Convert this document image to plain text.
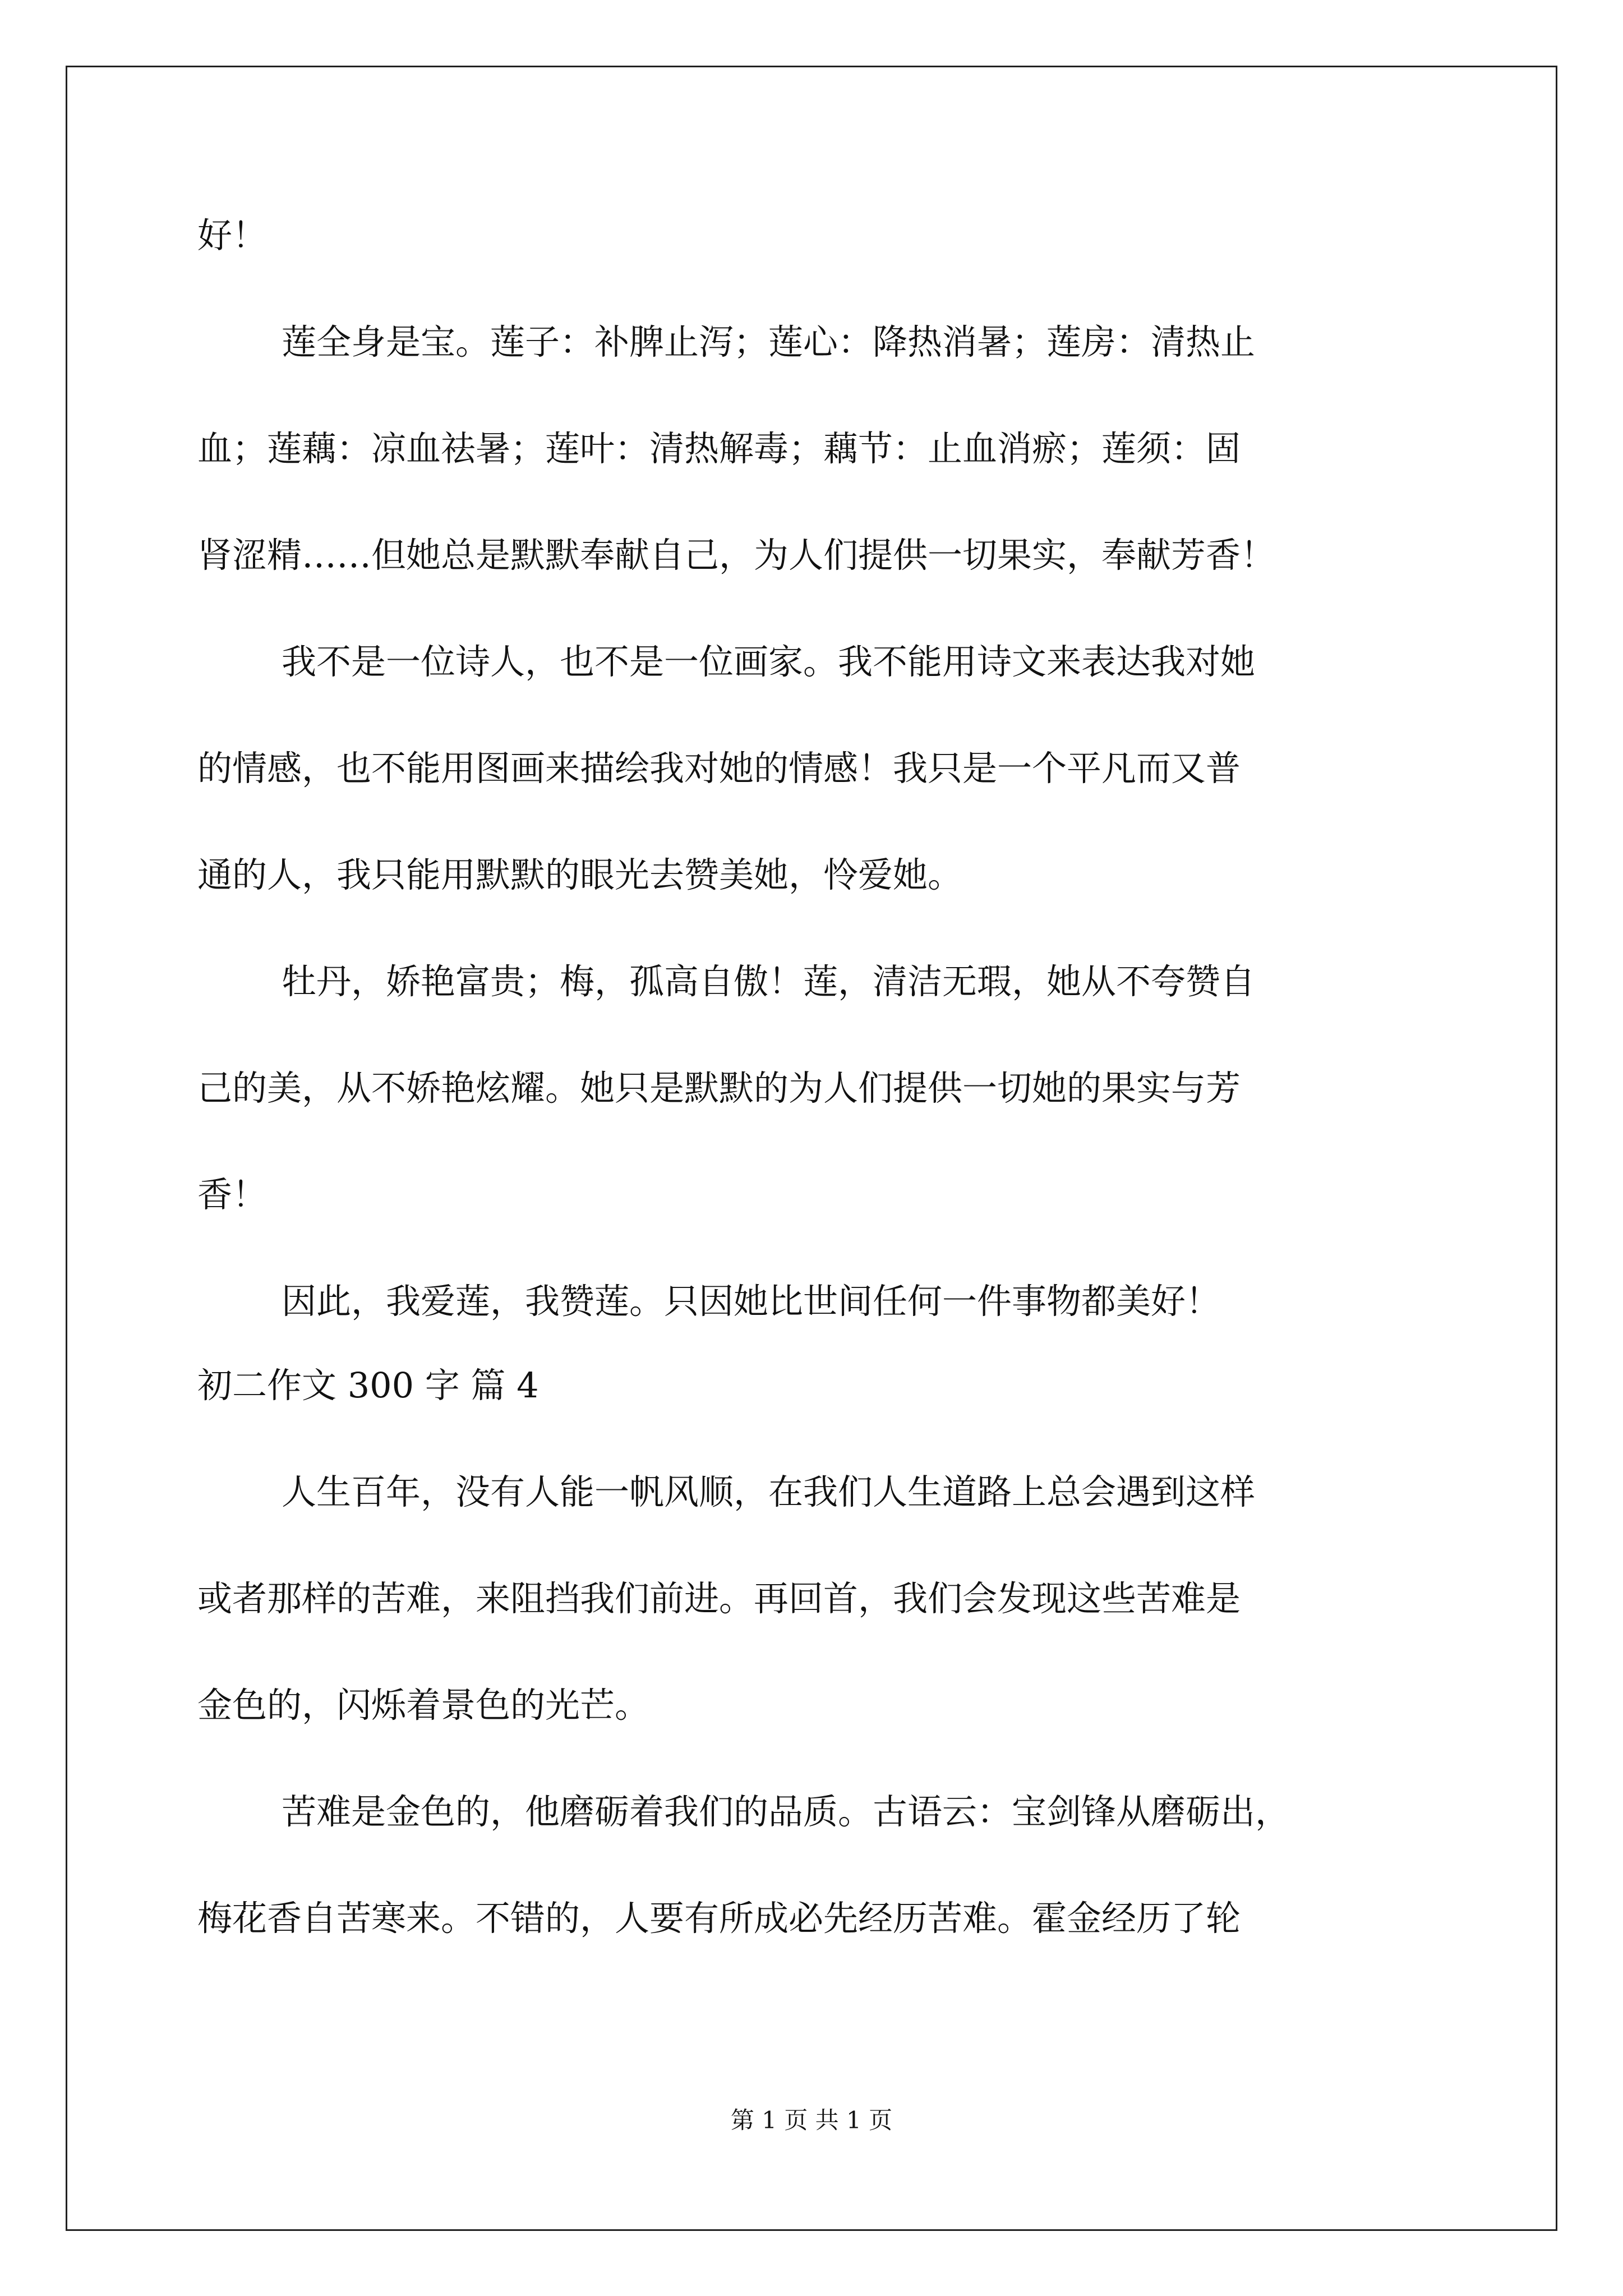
好！
莲全身是宝。莲子：补脾止泻；莲心：降热消暑；莲房：清热止
血；莲藕：凉血祛暑；莲叶：清热解毒；藕节：止血消瘀；莲须：固
肾涩精……但她总是默默奉献自己，为人们提供一切果实，奉献芳香！
我不是一位诗人，也不是一位画家。我不能用诗文来表达我对她
的情感，也不能用图画来描绘我对她的情感！我只是一个平凡而又普
通的人，我只能用默默的眼光去赞美她，怜爱她。
牡丹，娇艳富贵；梅，孤高自傲！莲，清洁无瑕，她从不夸赞自
己的美，从不娇艳炫耀。她只是默默的为人们提供一切她的果实与芳
香！
因此，我爱莲，我赞莲。只因她比世间任何一件事物都美好！
初二作文 300 字 篇 4
人生百年，没有人能一帆风顺，在我们人生道路上总会遇到这样
或者那样的苦难，来阻挡我们前进。再回首，我们会发现这些苦难是
金色的，闪烁着景色的光芒。
苦难是金色的，他磨砺着我们的品质。古语云：宝剑锋从磨砺出，
梅花香自苦寒来。不错的，人要有所成必先经历苦难。霍金经历了轮
第 1 页 共 1 页
